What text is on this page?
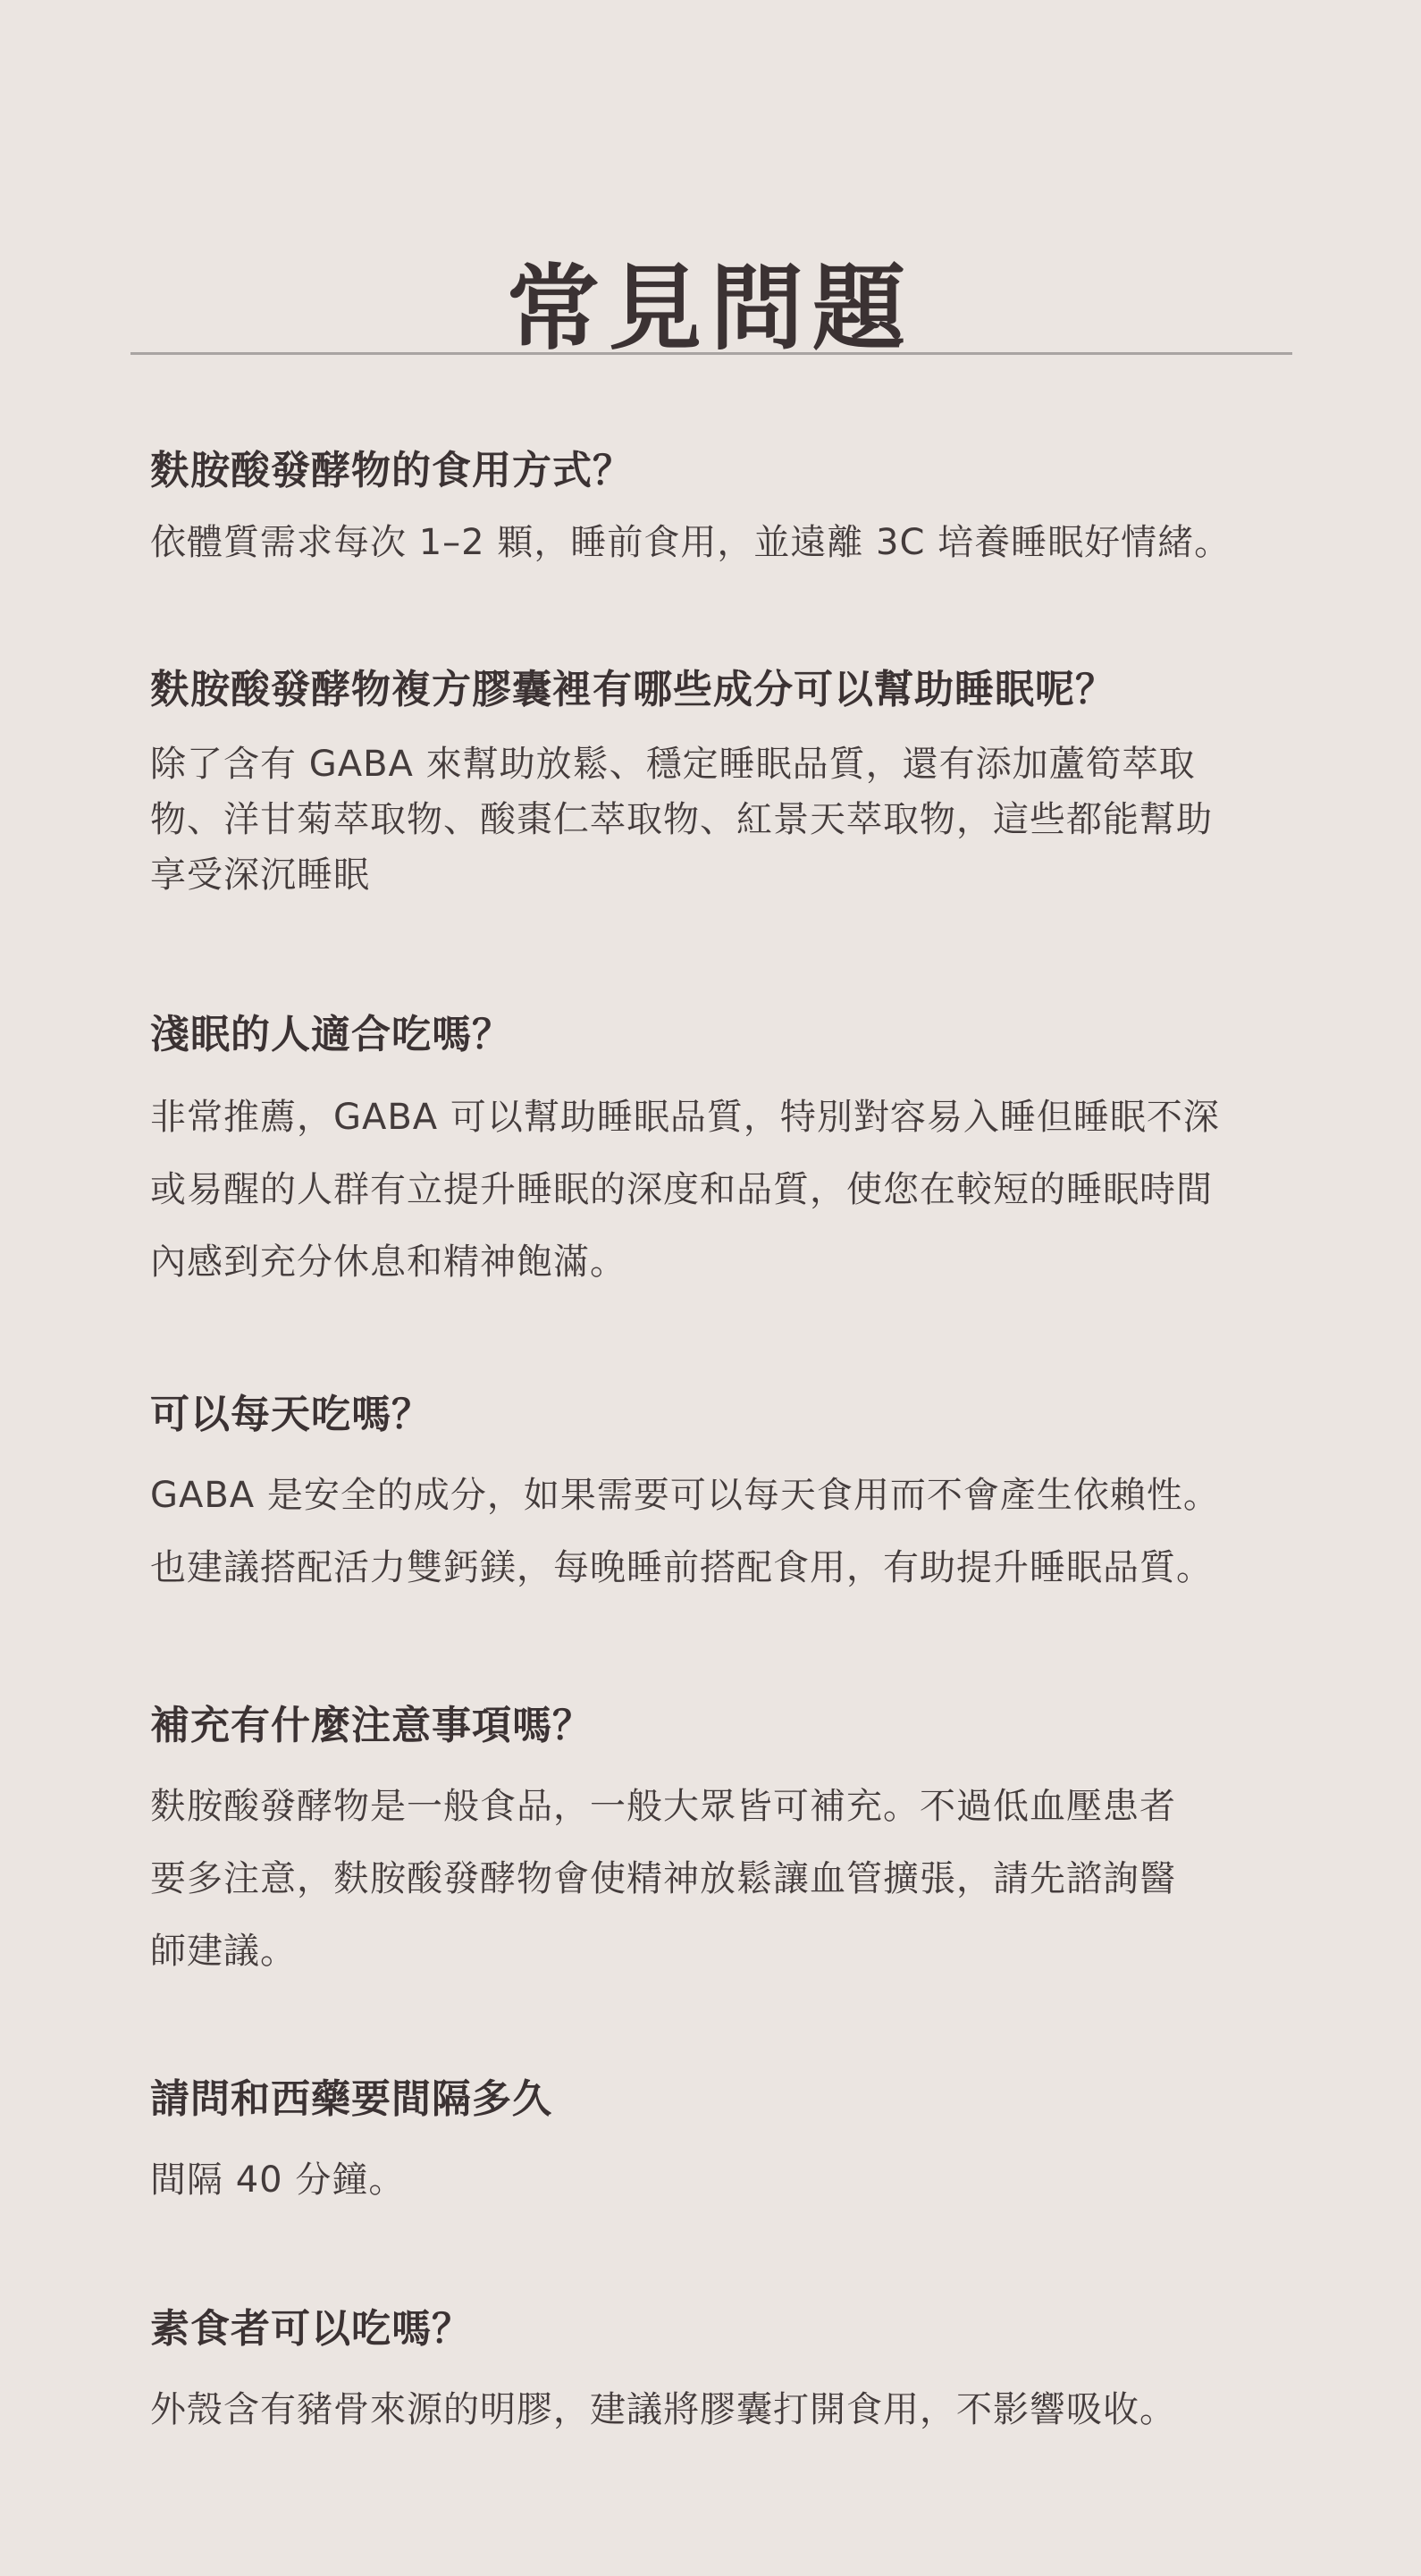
常見問題
麩胺酸發酵物的食用方式？

依體質需求每次 1–2 顆，睡前食用，並遠離 3C 培養睡眠好情緒。

麩胺酸發酵物複方膠囊裡有哪些成分可以幫助睡眠呢？

除了含有 GABA 來幫助放鬆、穩定睡眠品質，還有添加蘆筍萃取
物、洋甘菊萃取物、酸棗仁萃取物、紅景天萃取物，這些都能幫助
享受深沉睡眠

淺眠的人適合吃嗎？

非常推薦，GABA 可以幫助睡眠品質，特別對容易入睡但睡眠不深
或易醒的人群有立提升睡眠的深度和品質，使您在較短的睡眠時間
內感到充分休息和精神飽滿。

可以每天吃嗎？

GABA 是安全的成分，如果需要可以每天食用而不會產生依賴性。
也建議搭配活力雙鈣鎂，每晚睡前搭配食用，有助提升睡眠品質。

補充有什麼注意事項嗎？

麩胺酸發酵物是一般食品，一般大眾皆可補充。不過低血壓患者
要多注意，麩胺酸發酵物會使精神放鬆讓血管擴張，請先諮詢醫
師建議。

請問和西藥要間隔多久

間隔 40 分鐘。

素食者可以吃嗎？

外殼含有豬骨來源的明膠，建議將膠囊打開食用，不影響吸收。
